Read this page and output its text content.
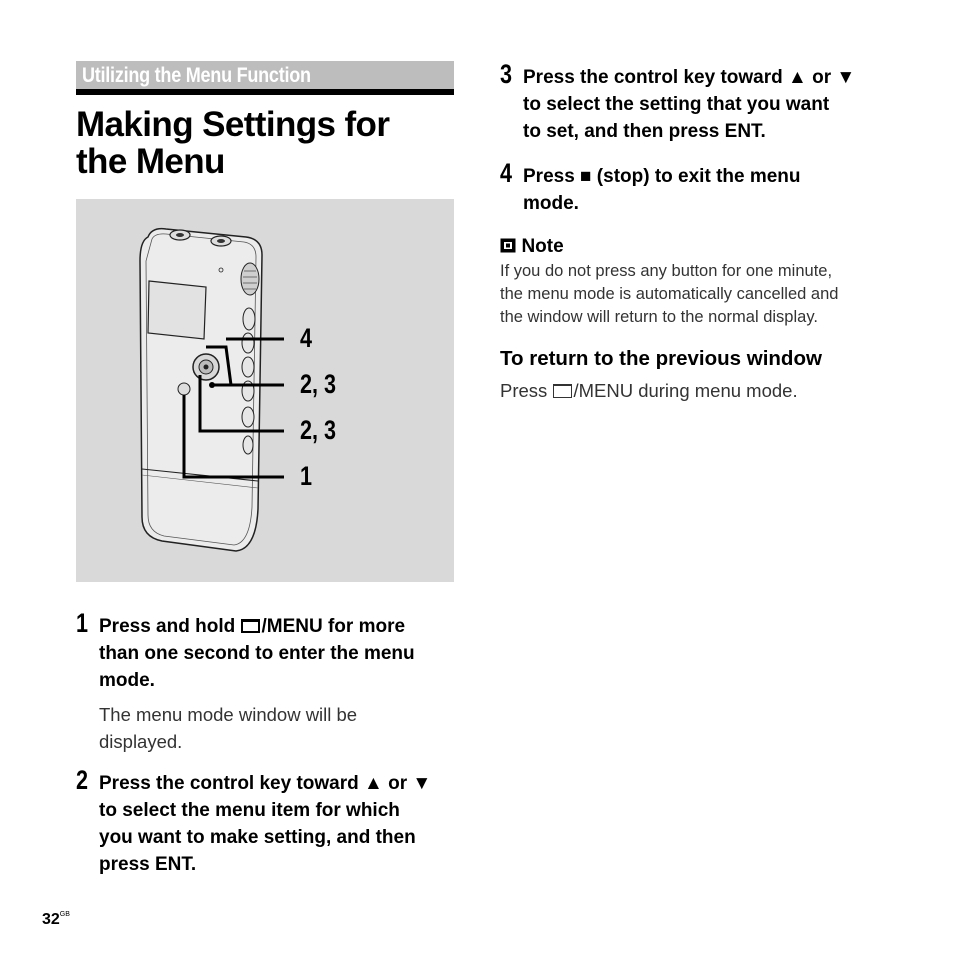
Utilizing the Menu Function
Making Settings for
the Menu
4
2, 3
2, 3
1
1 Press and hold /MENU for more
than one second to enter the menu
mode.
The menu mode window will be
displayed.
2 Press the control key toward ▲ or ▼
to select the menu item for which
you want to make setting, and then
press ENT.
3 Press the control key toward ▲ or ▼
to select the setting that you want
to set, and then press ENT.
4 Press ■ (stop) to exit the menu
mode.
Note
If you do not press any button for one minute,
the menu mode is automatically cancelled and
the window will return to the normal display.
To return to the previous window
Press /MENU during menu mode.
$32^{GB}$
